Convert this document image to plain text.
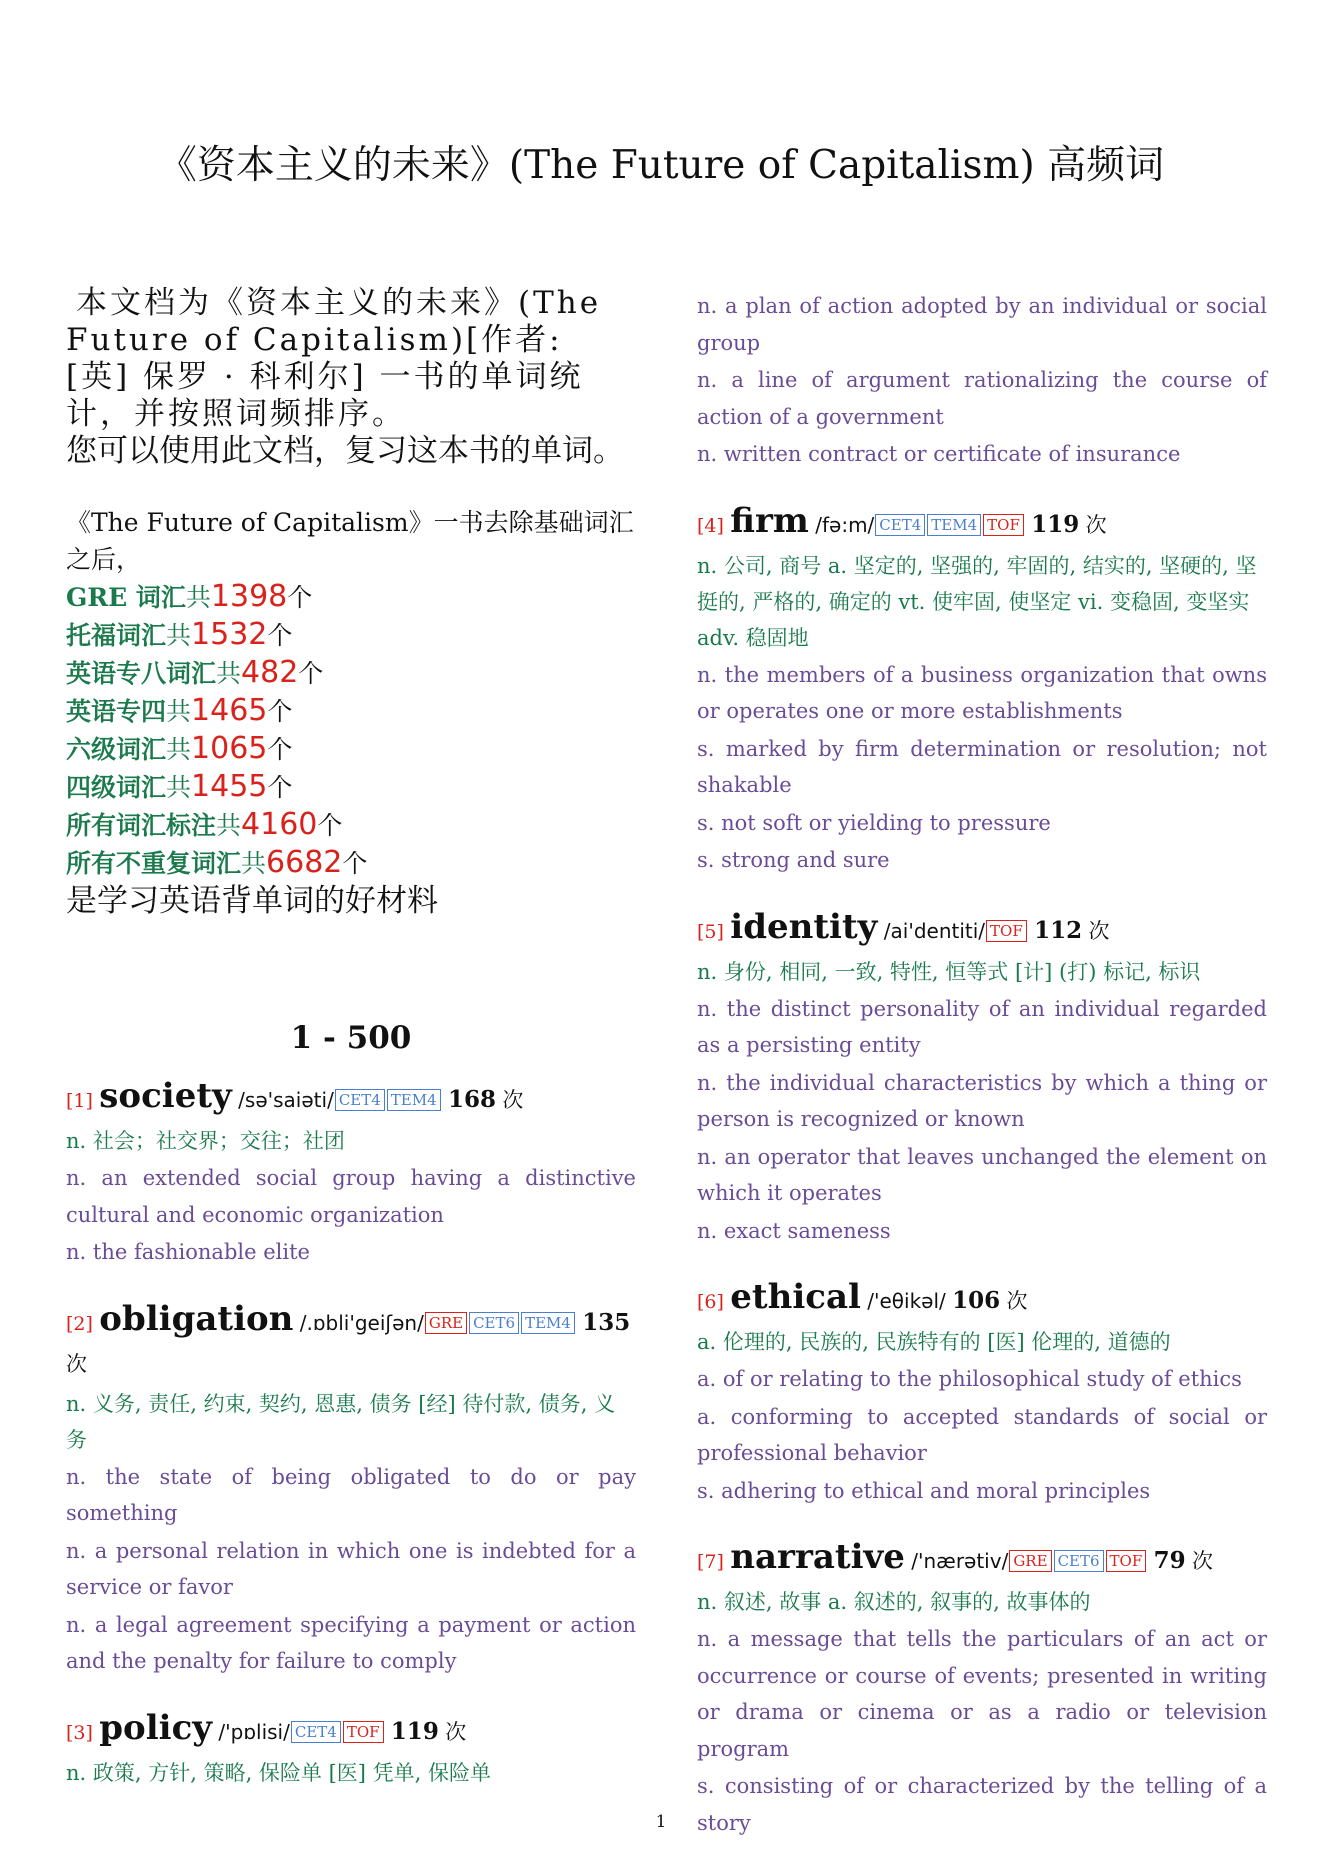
《资本主义的未来》(The Future of Capitalism) 高频词

本文档为《资本主义的未来》(The Future of Capitalism)[作者: [英] 保罗 · 科利尔] 一书的单词统计，并按照词频排序。

您可以使用此文档，复习这本书的单词。

《The Future of Capitalism》一书去除基础词汇之后，
GRE 词汇共1398个
托福词汇共1532个
英语专八词汇共482个
英语专四共1465个
六级词汇共1065个
四级词汇共1455个
所有词汇标注共4160个
所有不重复词汇共6682个
是学习英语背单词的好材料
1 - 500
[1] society /sə'saiəti/ CET4 TEM4 168 次
n. 社会；社交界；交往；社团
n. an extended social group having a distinctive cultural and economic organization
n. the fashionable elite
[2] obligation /.ɒbli'geiʃən/ GRE CET6 TEM4 135 次
n. 义务, 责任, 约束, 契约, 恩惠, 债务 [经] 待付款, 债务, 义务
n. the state of being obligated to do or pay something
n. a personal relation in which one is indebted for a service or favor
n. a legal agreement specifying a payment or action and the penalty for failure to comply
[3] policy /'pɒlisi/ CET4 TOF 119 次
n. 政策, 方针, 策略, 保险单 [医] 凭单, 保险单
n. a plan of action adopted by an individual or social group
n. a line of argument rationalizing the course of action of a government
n. written contract or certificate of insurance
[4] firm /fə:m/ CET4 TEM4 TOF 119 次
n. 公司, 商号 a. 坚定的, 坚强的, 牢固的, 结实的, 坚硬的, 坚挺的, 严格的, 确定的 vt. 使牢固, 使坚定 vi. 变稳固, 变坚实 adv. 稳固地
n. the members of a business organization that owns or operates one or more establishments
s. marked by firm determination or resolution; not shakable
s. not soft or yielding to pressure
s. strong and sure
[5] identity /ai'dentiti/ TOF 112 次
n. 身份, 相同, 一致, 特性, 恒等式 [计] (打) 标记, 标识
n. the distinct personality of an individual regarded as a persisting entity
n. the individual characteristics by which a thing or person is recognized or known
n. an operator that leaves unchanged the element on which it operates
n. exact sameness
[6] ethical /'eθikəl/ 106 次
a. 伦理的, 民族的, 民族特有的 [医] 伦理的, 道德的
a. of or relating to the philosophical study of ethics
a. conforming to accepted standards of social or professional behavior
s. adhering to ethical and moral principles
[7] narrative /'nærətiv/ GRE CET6 TOF 79 次
n. 叙述, 故事 a. 叙述的, 叙事的, 故事体的
n. a message that tells the particulars of an act or occurrence or course of events; presented in writing or drama or cinema or as a radio or television program
s. consisting of or characterized by the telling of a story
1
